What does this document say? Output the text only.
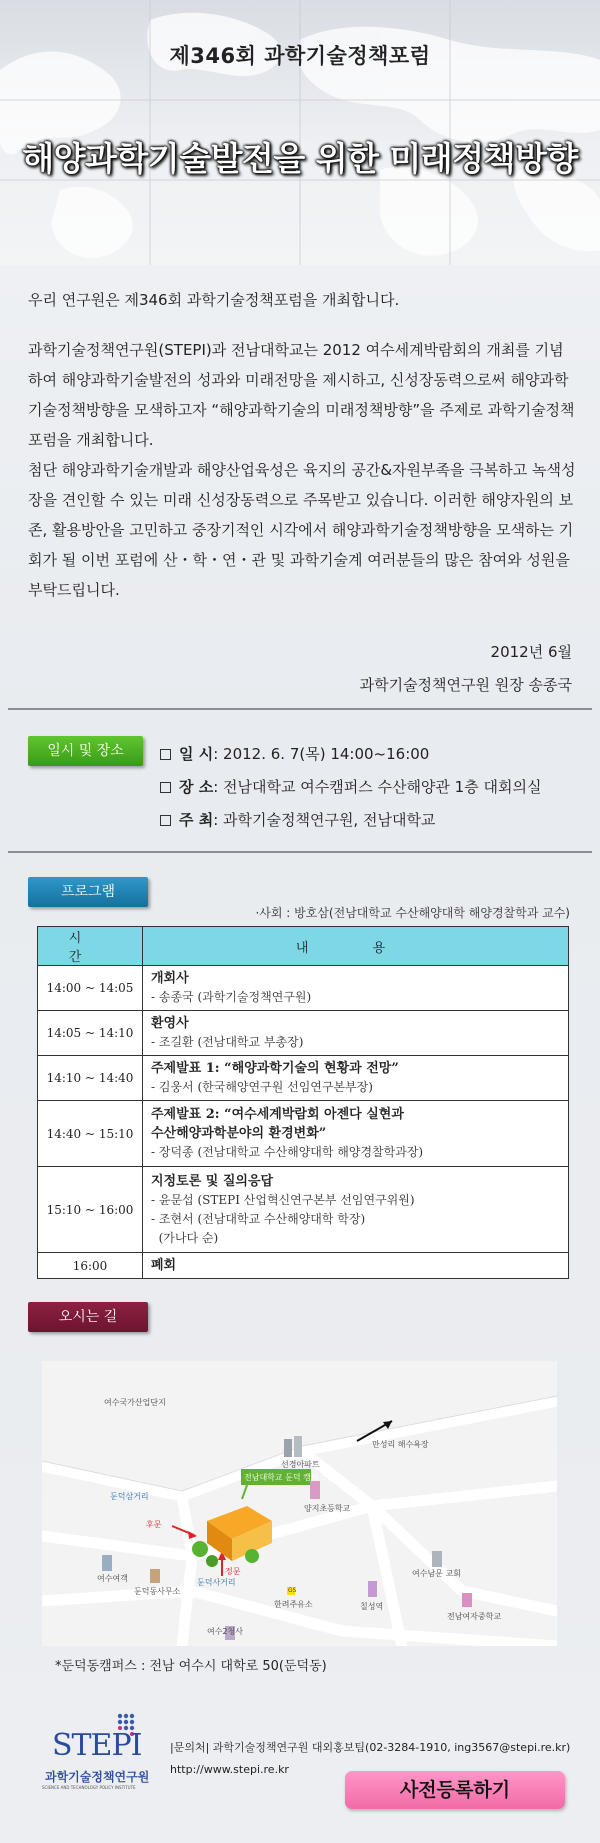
제346회 과학기술정책포럼
해양과학기술발전을 위한 미래정책방향

우리 연구원은 제346회 과학기술정책포럼을 개최합니다.

과학기술정책연구원(STEPI)과 전남대학교는 2012 여수세계박람회의 개최를 기념하여 해양과학기술발전의 성과와 미래전망을 제시하고, 신성장동력으로써 해양과학기술정책방향을 모색하고자 “해양과학기술의 미래정책방향”을 주제로 과학기술정책포럼을 개최합니다.

첨단 해양과학기술개발과 해양산업육성은 육지의 공간&자원부족을 극복하고 녹색성장을 견인할 수 있는 미래 신성장동력으로 주목받고 있습니다. 이러한 해양자원의 보존, 활용방안을 고민하고 중장기적인 시각에서 해양과학기술정책방향을 모색하는 기회가 될 이번 포럼에 산・학・연・관 및 과학기술계 여러분들의 많은 참여와 성원을 부탁드립니다.

2012년 6월
과학기술정책연구원 원장 송종국
일시 및 장소	일 시 : 2012. 6. 7(목) 14:00~16:00
장 소 : 전남대학교 여수캠퍼스 수산해양관 1층 대회의실
주 최 : 과학기술정책연구원, 전남대학교
프로그램
·사회 : 방호삼(전남대학교 수산해양대학 해양경찰학과 교수)
시 간	내 용
14:00 ~ 14:05	개회사
- 송종국 (과학기술정책연구원)

14:05 ~ 14:10	환영사
- 조길환 (전남대학교 부총장)

14:10 ~ 14:40	주제발표 1: “해양과학기술의 현황과 전망”
- 김웅서 (한국해양연구원 선임연구본부장)

14:40 ~ 15:10	주제발표 2: “여수세계박람회 아젠다 실현과
수산해양과학분야의 환경변화”
- 장덕종 (전남대학교 수산해양대학 해양경찰학과장)

15:10 ~ 16:00	지정토론 및 질의응답
- 윤문섭 (STEPI 산업혁신연구본부 선임연구위원)
- 조현서 (전남대학교 수산해양대학 학장)
(가나다 순)

16:00	폐회
오시는 길
여수국가산업단지
선경아파트
전남대학교 둔덕 캠퍼스
만성리 해수욕장
둔덕삼거리
후문
정문
양지초등학교
여수여객
둔덕동사무소
둔덕사거리
여수남문 교회
GS
한려주유소	칠성역
전남여자중학교
여수2청사
*둔덕동캠퍼스 : 전남 여수시 대학로 50(둔덕동)
STEPI
과학기술정책연구원
SCIENCE AND TECHNOLOGY POLICY INSTITUTE
|문의처| 과학기술정책연구원 대외홍보팀(02-3284-1910, ing3567@stepi.re.kr)
http://www.stepi.re.kr
사전등록하기
